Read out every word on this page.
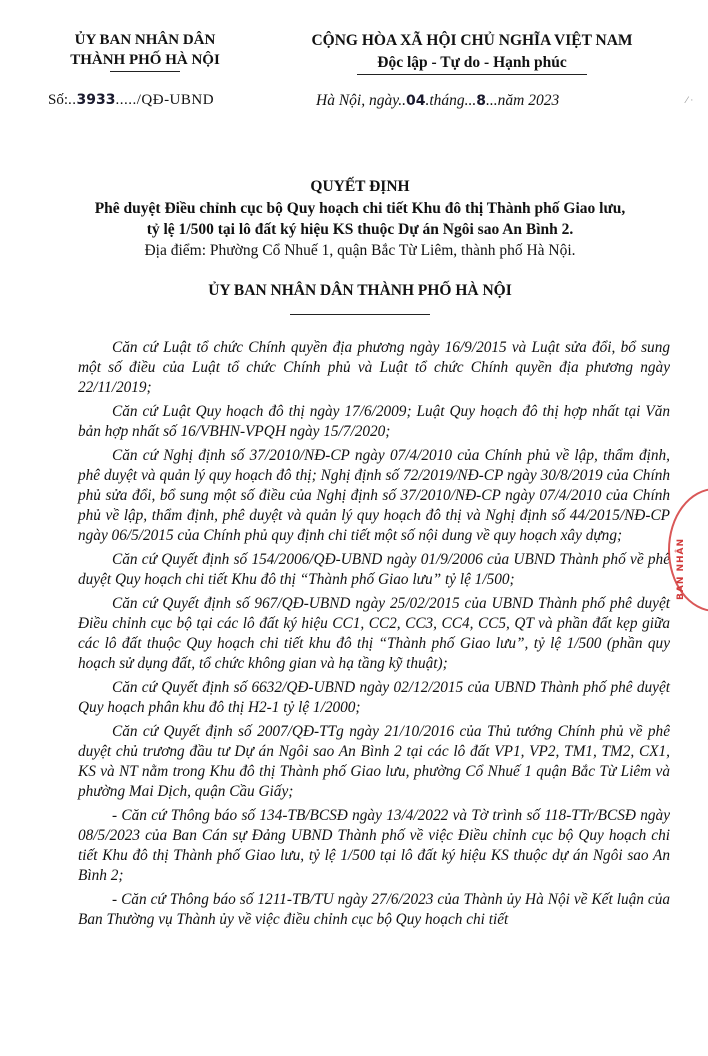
ỦY BAN NHÂN DÂN
THÀNH PHỐ HÀ NỘI
CỘNG HÒA XÃ HỘI CHỦ NGHĨA VIỆT NAM
Độc lập - Tự do - Hạnh phúc
⁄ ·
Số:..3933...../QĐ-UBND	Hà Nội, ngày..04.tháng...8...năm 2023
QUYẾT ĐỊNH
Phê duyệt Điều chỉnh cục bộ Quy hoạch chi tiết Khu đô thị Thành phố Giao lưu,
tỷ lệ 1/500 tại lô đất ký hiệu KS thuộc Dự án Ngôi sao An Bình 2.
Địa điểm: Phường Cổ Nhuế 1, quận Bắc Từ Liêm, thành phố Hà Nội.
ỦY BAN NHÂN DÂN THÀNH PHỐ HÀ NỘI

Căn cứ Luật tổ chức Chính quyền địa phương ngày 16/9/2015 và Luật sửa đổi, bổ sung một số điều của Luật tổ chức Chính phủ và Luật tổ chức Chính quyền địa phương ngày 22/11/2019;

Căn cứ Luật Quy hoạch đô thị ngày 17/6/2009; Luật Quy hoạch đô thị hợp nhất tại Văn bản hợp nhất số 16/VBHN-VPQH ngày 15/7/2020;

Căn cứ Nghị định số 37/2010/NĐ-CP ngày 07/4/2010 của Chính phủ về lập, thẩm định, phê duyệt và quản lý quy hoạch đô thị; Nghị định số 72/2019/NĐ-CP ngày 30/8/2019 của Chính phủ sửa đổi, bổ sung một số điều của Nghị định số 37/2010/NĐ-CP ngày 07/4/2010 của Chính phủ về lập, thẩm định, phê duyệt và quản lý quy hoạch đô thị và Nghị định số 44/2015/NĐ-CP ngày 06/5/2015 của Chính phủ quy định chi tiết một số nội dung về quy hoạch xây dựng;

Căn cứ Quyết định số 154/2006/QĐ-UBND ngày 01/9/2006 của UBND Thành phố về phê duyệt Quy hoạch chi tiết Khu đô thị “Thành phố Giao lưu” tỷ lệ 1/500;

Căn cứ Quyết định số 967/QĐ-UBND ngày 25/02/2015 của UBND Thành phố phê duyệt Điều chỉnh cục bộ tại các lô đất ký hiệu CC1, CC2, CC3, CC4, CC5, QT và phần đất kẹp giữa các lô đất thuộc Quy hoạch chi tiết khu đô thị “Thành phố Giao lưu”, tỷ lệ 1/500 (phần quy hoạch sử dụng đất, tổ chức không gian và hạ tầng kỹ thuật);

Căn cứ Quyết định số 6632/QĐ-UBND ngày 02/12/2015 của UBND Thành phố phê duyệt Quy hoạch phân khu đô thị H2-1 tỷ lệ 1/2000;

Căn cứ Quyết định số 2007/QĐ-TTg ngày 21/10/2016 của Thủ tướng Chính phủ về phê duyệt chủ trương đầu tư Dự án Ngôi sao An Bình 2 tại các lô đất VP1, VP2, TM1, TM2, CX1, KS và NT nằm trong Khu đô thị Thành phố Giao lưu, phường Cổ Nhuế 1 quận Bắc Từ Liêm và phường Mai Dịch, quận Cầu Giấy;

- Căn cứ Thông báo số 134-TB/BCSĐ ngày 13/4/2022 và Tờ trình số 118-TTr/BCSĐ ngày 08/5/2023 của Ban Cán sự Đảng UBND Thành phố về việc Điều chỉnh cục bộ Quy hoạch chi tiết Khu đô thị Thành phố Giao lưu, tỷ lệ 1/500 tại lô đất ký hiệu KS thuộc dự án Ngôi sao An Bình 2;

- Căn cứ Thông báo số 1211-TB/TU ngày 27/6/2023 của Thành ủy Hà Nội về Kết luận của Ban Thường vụ Thành ủy về việc điều chỉnh cục bộ Quy hoạch chi tiết

BAN NHÂN
